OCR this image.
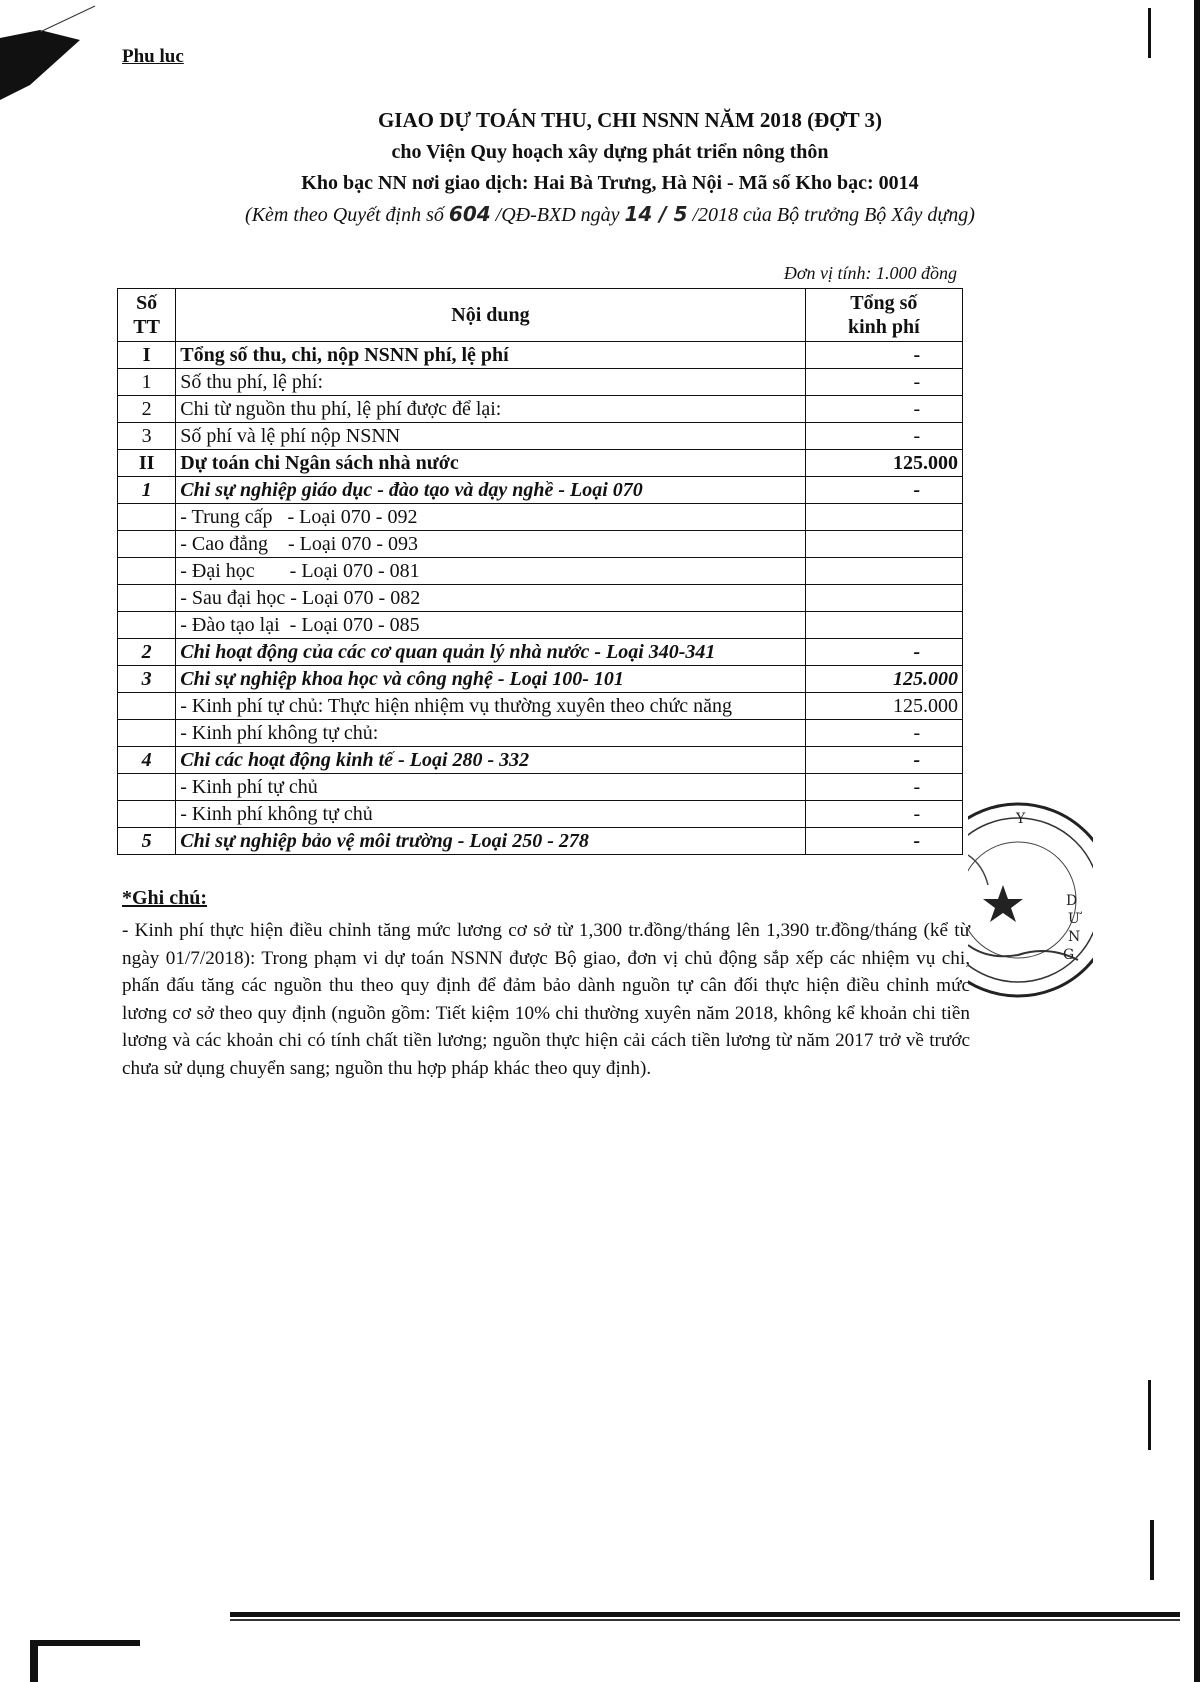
Phu luc
GIAO DỰ TOÁN THU, CHI NSNN NĂM 2018 (ĐỢT 3)
cho Viện Quy hoạch xây dựng phát triển nông thôn
Kho bạc NN nơi giao dịch: Hai Bà Trưng, Hà Nội - Mã số Kho bạc: 0014
(Kèm theo Quyết định số 604 /QĐ-BXD ngày 14 / 5 /2018 của Bộ trưởng Bộ Xây dựng)
Đơn vị tính: 1.000 đồng
Số
TT	Nội dung	Tổng số
kinh phí
I	Tổng số thu, chi, nộp NSNN phí, lệ phí	-
1	Số thu phí, lệ phí:	-
2	Chi từ nguồn thu phí, lệ phí được để lại:	-
3	Số phí và lệ phí nộp NSNN	-
II	Dự toán chi Ngân sách nhà nước	125.000
1	Chi sự nghiệp giáo dục - đào tạo và dạy nghề - Loại 070	-
	- Trung cấp   - Loại 070 - 092	
	- Cao đẳng    - Loại 070 - 093	
	- Đại học       - Loại 070 - 081	
	- Sau đại học - Loại 070 - 082	
	- Đào tạo lại  - Loại 070 - 085	
2	Chi hoạt động của các cơ quan quản lý nhà nước - Loại 340-341	-
3	Chi sự nghiệp khoa học và công nghệ - Loại 100- 101	125.000
	- Kinh phí tự chủ: Thực hiện nhiệm vụ thường xuyên theo chức năng	125.000
	- Kinh phí không tự chủ:	-
4	Chi các hoạt động kinh tế - Loại 280 - 332	-
	- Kinh phí tự chủ	-
	- Kinh phí không tự chủ	-
5	Chi sự nghiệp bảo vệ môi trường - Loại 250 - 278	-
*Ghi chú:
- Kinh phí thực hiện điều chỉnh tăng mức lương cơ sở từ 1,300 tr.đồng/tháng lên 1,390 tr.đồng/tháng (kể từ ngày 01/7/2018): Trong phạm vi dự toán NSNN được Bộ giao, đơn vị chủ động sắp xếp các nhiệm vụ chi, phấn đấu tăng các nguồn thu theo quy định để đảm bảo dành nguồn tự cân đối thực hiện điều chỉnh mức lương cơ sở theo quy định (nguồn gồm: Tiết kiệm 10% chi thường xuyên năm 2018, không kể khoản chi tiền lương và các khoản chi có tính chất tiền lương; nguồn thực hiện cải cách tiền lương từ năm 2017 trở về trước chưa sử dụng chuyển sang; nguồn thu hợp pháp khác theo quy định).
D
Ư
N
G
Y
